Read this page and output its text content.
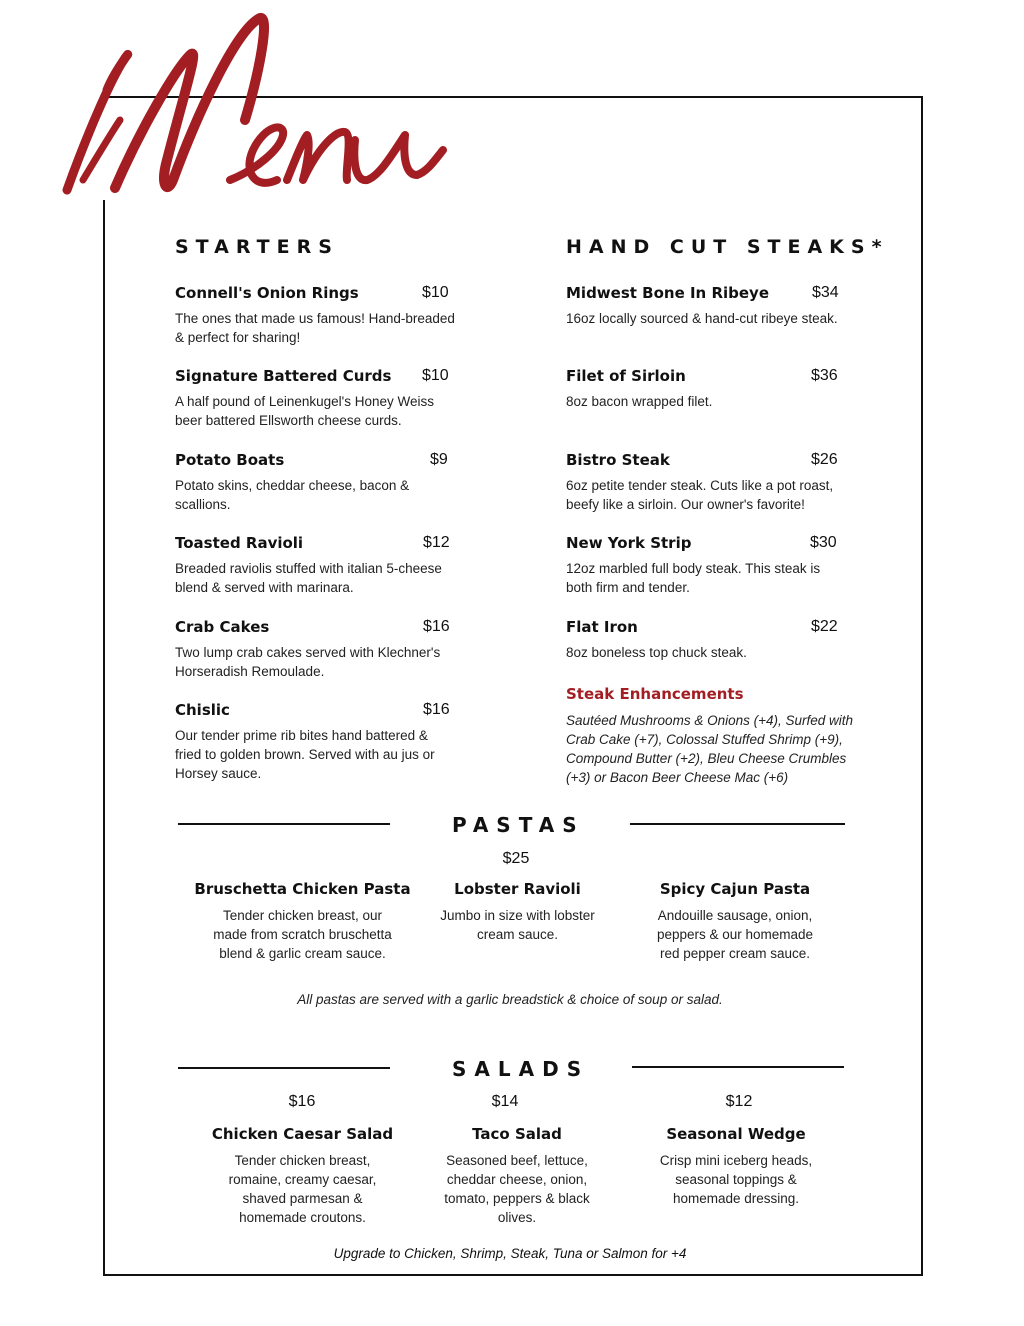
STARTERS
Connell's Onion Rings	$10
The ones that made us famous! Hand-breaded & perfect for sharing!
Signature Battered Curds	$10
A half pound of Leinenkugel's Honey Weiss beer battered Ellsworth cheese curds.
Potato Boats	$9
Potato skins, cheddar cheese, bacon & scallions.
Toasted Ravioli	$12
Breaded raviolis stuffed with italian 5-cheese blend & served with marinara.
Crab Cakes	$16
Two lump crab cakes served with Klechner's Horseradish Remoulade.
Chislic	$16
Our tender prime rib bites hand battered & fried to golden brown. Served with au jus or Horsey sauce.
HAND CUT STEAKS*
Midwest Bone In Ribeye	$34
16oz locally sourced & hand-cut ribeye steak.
Filet of Sirloin	$36
8oz bacon wrapped filet.
Bistro Steak	$26
6oz petite tender steak. Cuts like a pot roast, beefy like a sirloin. Our owner's favorite!
New York Strip	$30
12oz marbled full body steak. This steak is both firm and tender.
Flat Iron	$22
8oz boneless top chuck steak.
Steak Enhancements
Sautéed Mushrooms & Onions (+4), Surfed with Crab Cake (+7), Colossal Stuffed Shrimp (+9), Compound Butter (+2), Bleu Cheese Crumbles (+3) or Bacon Beer Cheese Mac (+6)
PASTAS
$25
Bruschetta Chicken Pasta
Tender chicken breast, our made from scratch bruschetta blend & garlic cream sauce.
Lobster Ravioli
Jumbo in size with lobster cream sauce.
Spicy Cajun Pasta
Andouille sausage, onion, peppers & our homemade red pepper cream sauce.
All pastas are served with a garlic breadstick & choice of soup or salad.
SALADS
$16	$14	$12
Chicken Caesar Salad
Tender chicken breast, romaine, creamy caesar, shaved parmesan & homemade croutons.
Taco Salad
Seasoned beef, lettuce, cheddar cheese, onion, tomato, peppers & black olives.
Seasonal Wedge
Crisp mini iceberg heads, seasonal toppings & homemade dressing.
Upgrade to Chicken, Shrimp, Steak, Tuna or Salmon for +4
